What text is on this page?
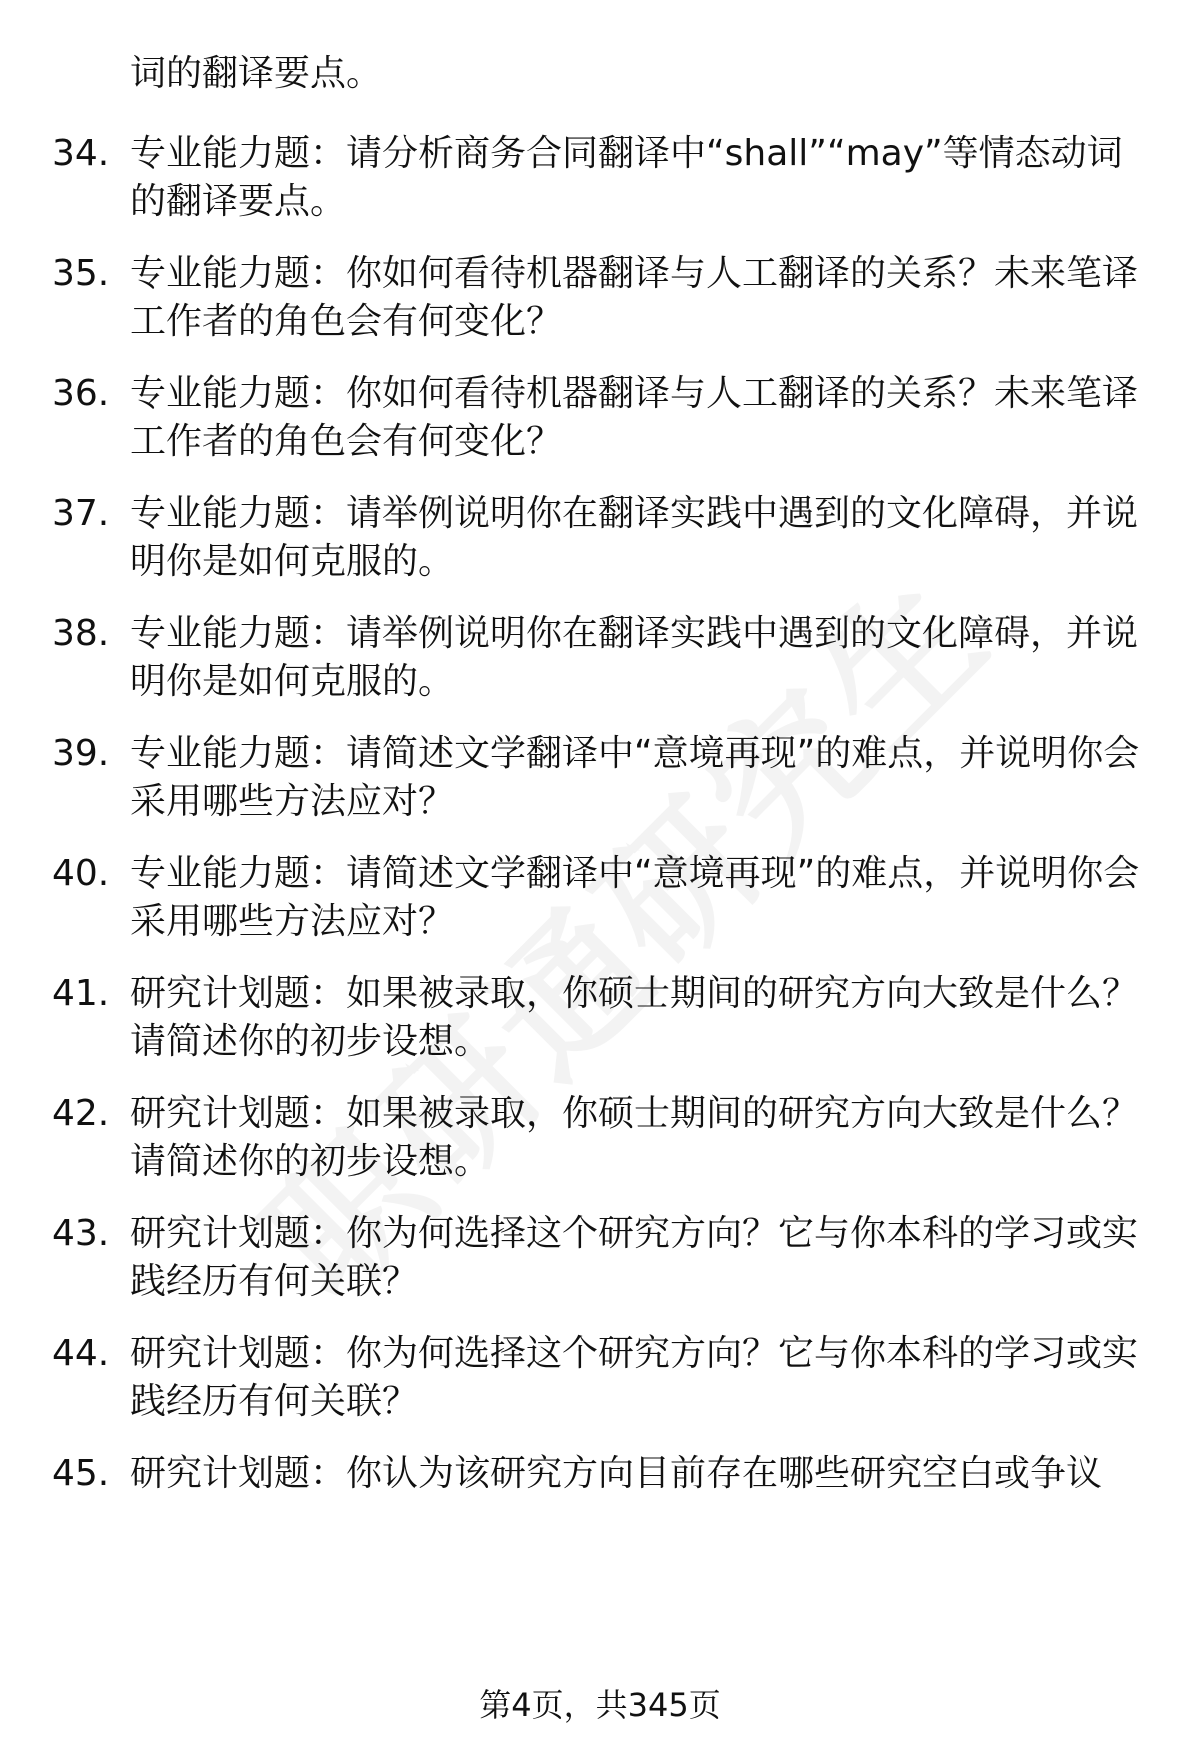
词的翻译要点。
34. 专业能力题：请分析商务合同翻译中“shall”“may”等情态动词的翻译要点。
35. 专业能力题：你如何看待机器翻译与人工翻译的关系？未来笔译工作者的角色会有何变化？
36. 专业能力题：你如何看待机器翻译与人工翻译的关系？未来笔译工作者的角色会有何变化？
37. 专业能力题：请举例说明你在翻译实践中遇到的文化障碍，并说明你是如何克服的。
38. 专业能力题：请举例说明你在翻译实践中遇到的文化障碍，并说明你是如何克服的。
39. 专业能力题：请简述文学翻译中“意境再现”的难点，并说明你会采用哪些方法应对？
40. 专业能力题：请简述文学翻译中“意境再现”的难点，并说明你会采用哪些方法应对？
41. 研究计划题：如果被录取，你硕士期间的研究方向大致是什么？请简述你的初步设想。
42. 研究计划题：如果被录取，你硕士期间的研究方向大致是什么？请简述你的初步设想。
43. 研究计划题：你为何选择这个研究方向？它与你本科的学习或实践经历有何关联？
44. 研究计划题：你为何选择这个研究方向？它与你本科的学习或实践经历有何关联？
45. 研究计划题：你认为该研究方向目前存在哪些研究空白或争议
第4页，共345页
